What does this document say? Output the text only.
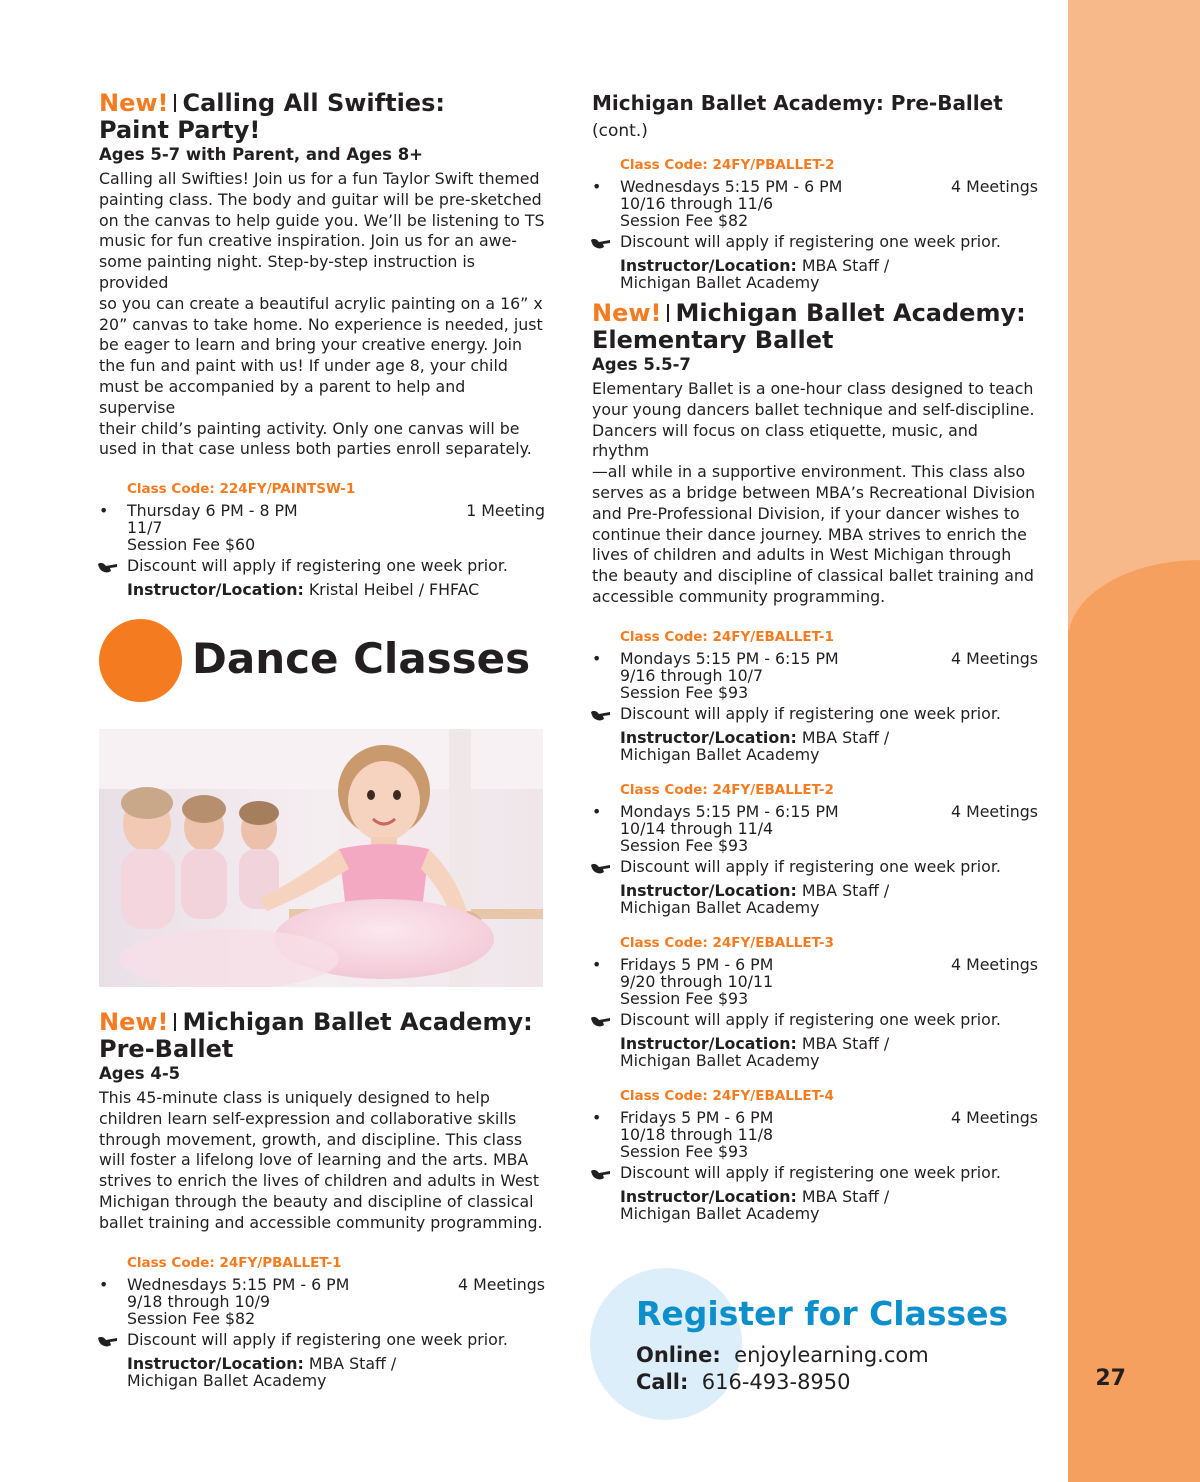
27
New! Calling All Swifties:
Paint Party!
Ages 5-7 with Parent, and Ages 8+
Calling all Swifties! Join us for a fun Taylor Swift themed
painting class. The body and guitar will be pre-sketched
on the canvas to help guide you. We’ll be listening to TS
music for fun creative inspiration. Join us for an awe-
some painting night. Step-by-step instruction is provided
so you can create a beautiful acrylic painting on a 16” x
20” canvas to take home. No experience is needed, just
be eager to learn and bring your creative energy. Join
the fun and paint with us! If under age 8, your child
must be accompanied by a parent to help and supervise
their child’s painting activity. Only one canvas will be
used in that case unless both parties enroll separately.
Class Code: 224FY/PAINTSW-1
• Thursday 6 PM - 8 PM	1 Meeting
11/7
Session Fee $60
Discount will apply if registering one week prior.
Instructor/Location: Kristal Heibel / FHFAC
Dance Classes
New! Michigan Ballet Academy:
Pre-Ballet
Ages 4-5
This 45-minute class is uniquely designed to help
children learn self-expression and collaborative skills
through movement, growth, and discipline. This class
will foster a lifelong love of learning and the arts. MBA
strives to enrich the lives of children and adults in West
Michigan through the beauty and discipline of classical
ballet training and accessible community programming.
Class Code: 24FY/PBALLET-1
• Wednesdays 5:15 PM - 6 PM	4 Meetings
9/18 through 10/9
Session Fee $82
Discount will apply if registering one week prior.
Instructor/Location: MBA Staff /
Michigan Ballet Academy
Michigan Ballet Academy: Pre-Ballet (cont.)
Class Code: 24FY/PBALLET-2
• Wednesdays 5:15 PM - 6 PM	4 Meetings
10/16 through 11/6
Session Fee $82
Discount will apply if registering one week prior.
Instructor/Location: MBA Staff /
Michigan Ballet Academy
New! Michigan Ballet Academy:
Elementary Ballet
Ages 5.5-7
Elementary Ballet is a one-hour class designed to teach
your young dancers ballet technique and self-discipline.
Dancers will focus on class etiquette, music, and rhythm
—all while in a supportive environment. This class also
serves as a bridge between MBA’s Recreational Division
and Pre-Professional Division, if your dancer wishes to
continue their dance journey. MBA strives to enrich the
lives of children and adults in West Michigan through
the beauty and discipline of classical ballet training and
accessible community programming.
Class Code: 24FY/EBALLET-1
• Mondays 5:15 PM - 6:15 PM	4 Meetings
9/16 through 10/7
Session Fee $93
Discount will apply if registering one week prior.
Instructor/Location: MBA Staff /
Michigan Ballet Academy
Class Code: 24FY/EBALLET-2
• Mondays 5:15 PM - 6:15 PM	4 Meetings
10/14 through 11/4
Session Fee $93
Discount will apply if registering one week prior.
Instructor/Location: MBA Staff /
Michigan Ballet Academy
Class Code: 24FY/EBALLET-3
• Fridays 5 PM - 6 PM	4 Meetings
9/20 through 10/11
Session Fee $93
Discount will apply if registering one week prior.
Instructor/Location: MBA Staff /
Michigan Ballet Academy
Class Code: 24FY/EBALLET-4
• Fridays 5 PM - 6 PM	4 Meetings
10/18 through 11/8
Session Fee $93
Discount will apply if registering one week prior.
Instructor/Location: MBA Staff /
Michigan Ballet Academy
Register for Classes
Online: enjoylearning.com
Call: 616-493-8950
